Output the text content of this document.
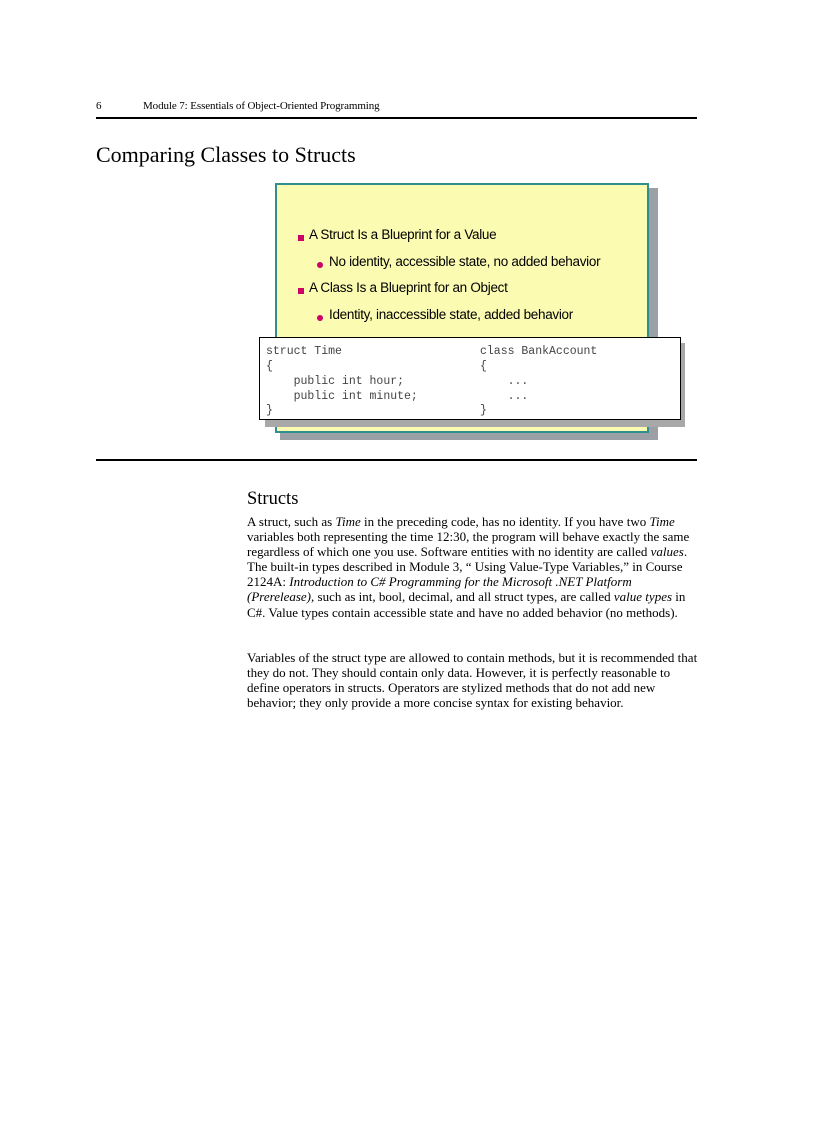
6	Module 7: Essentials of Object-Oriented Programming
Comparing Classes to Structs
A Struct Is a Blueprint for a Value
No identity, accessible state, no added behavior
A Class Is a Blueprint for an Object
Identity, inaccessible state, added behavior
struct Time
{
public int hour;
public int minute;
}
class BankAccount
{
...
...
}
Structs

A struct, such as Time in the preceding code, has no identity. If you have two Time variables both representing the time 12:30, the program will behave exactly the same regardless of which one you use. Software entities with no identity are called values. The built-in types described in Module 3, “ Using Value-Type Variables,” in Course 2124A: Introduction to C# Programming for the Microsoft .NET Platform (Prerelease), such as int, bool, decimal, and all struct types, are called value types in C#. Value types contain accessible state and have no added behavior (no methods).

Variables of the struct type are allowed to contain methods, but it is recommended that they do not. They should contain only data. However, it is perfectly reasonable to define operators in structs. Operators are stylized methods that do not add new behavior; they only provide a more concise syntax for existing behavior.
